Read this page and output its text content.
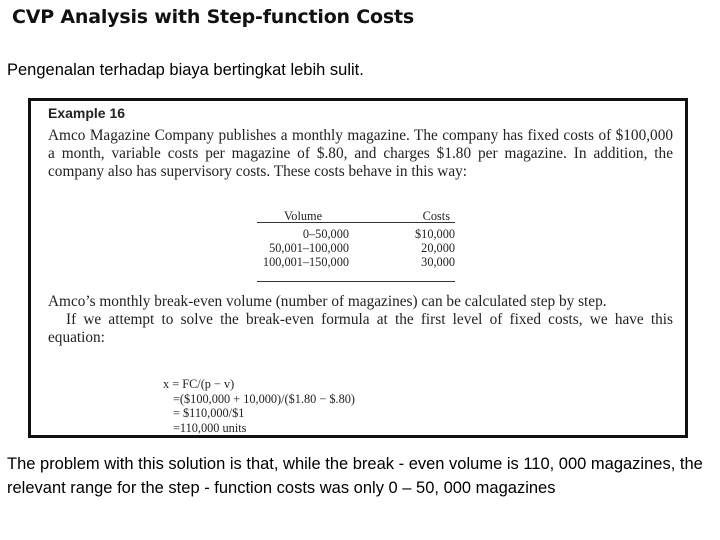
CVP Analysis with Step-function Costs
Pengenalan terhadap biaya bertingkat lebih sulit.
Example 16
Amco Magazine Company publishes a monthly magazine. The company has fixed costs of $100,000 a month, variable costs per magazine of $.80, and charges $1.80 per magazine. In addition, the company also has supervisory costs. These costs behave in this way:
Volume	Costs
0–50,000	$10,000
50,001–100,000	20,000
100,001–150,000	30,000
Amco’s monthly break-even volume (number of magazines) can be calculated step by step.
If we attempt to solve the break-even formula at the first level of fixed costs, we have this equation:
x = FC/(p − v)
=($100,000 + 10,000)/($1.80 − $.80)
= $110,000/$1
=110,000 units
The problem with this solution is that, while the break - even volume is 110, 000 magazines, the relevant range for the step - function costs was only 0 – 50, 000 magazines
